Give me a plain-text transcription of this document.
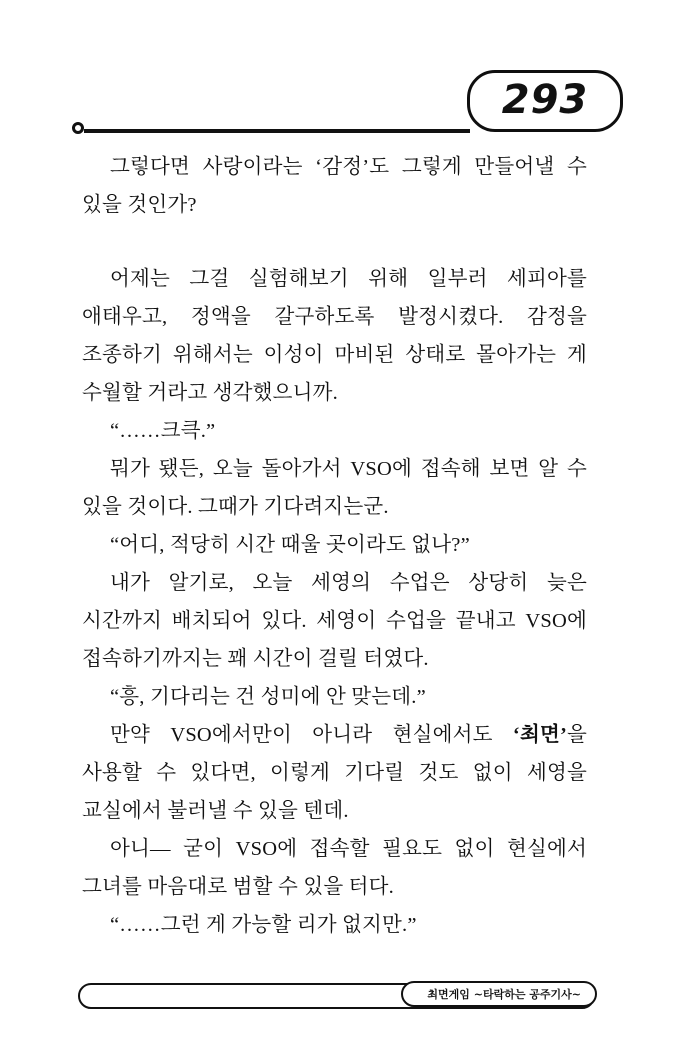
293

그렇다면 사랑이라는 ‘감정’도 그렇게 만들어낼 수 있을 것인가?

어제는 그걸 실험해보기 위해 일부러 세피아를 애태우고, 정액을 갈구하도록 발정시켰다. 감정을 조종하기 위해서는 이성이 마비된 상태로 몰아가는 게 수월할 거라고 생각했으니까.

“……크큭.”

뭐가 됐든, 오늘 돌아가서 VSO에 접속해 보면 알 수 있을 것이다. 그때가 기다려지는군.

“어디, 적당히 시간 때울 곳이라도 없나?”

내가 알기로, 오늘 세영의 수업은 상당히 늦은 시간까지 배치되어 있다. 세영이 수업을 끝내고 VSO에 접속하기까지는 꽤 시간이 걸릴 터였다.

“흥, 기다리는 건 성미에 안 맞는데.”

만약 VSO에서만이 아니라 현실에서도 ‘최면’을 사용할 수 있다면, 이렇게 기다릴 것도 없이 세영을 교실에서 불러낼 수 있을 텐데.

아니— 굳이 VSO에 접속할 필요도 없이 현실에서 그녀를 마음대로 범할 수 있을 터다.

“……그런 게 가능할 리가 없지만.”

최면게임 ~타락하는 공주기사~
